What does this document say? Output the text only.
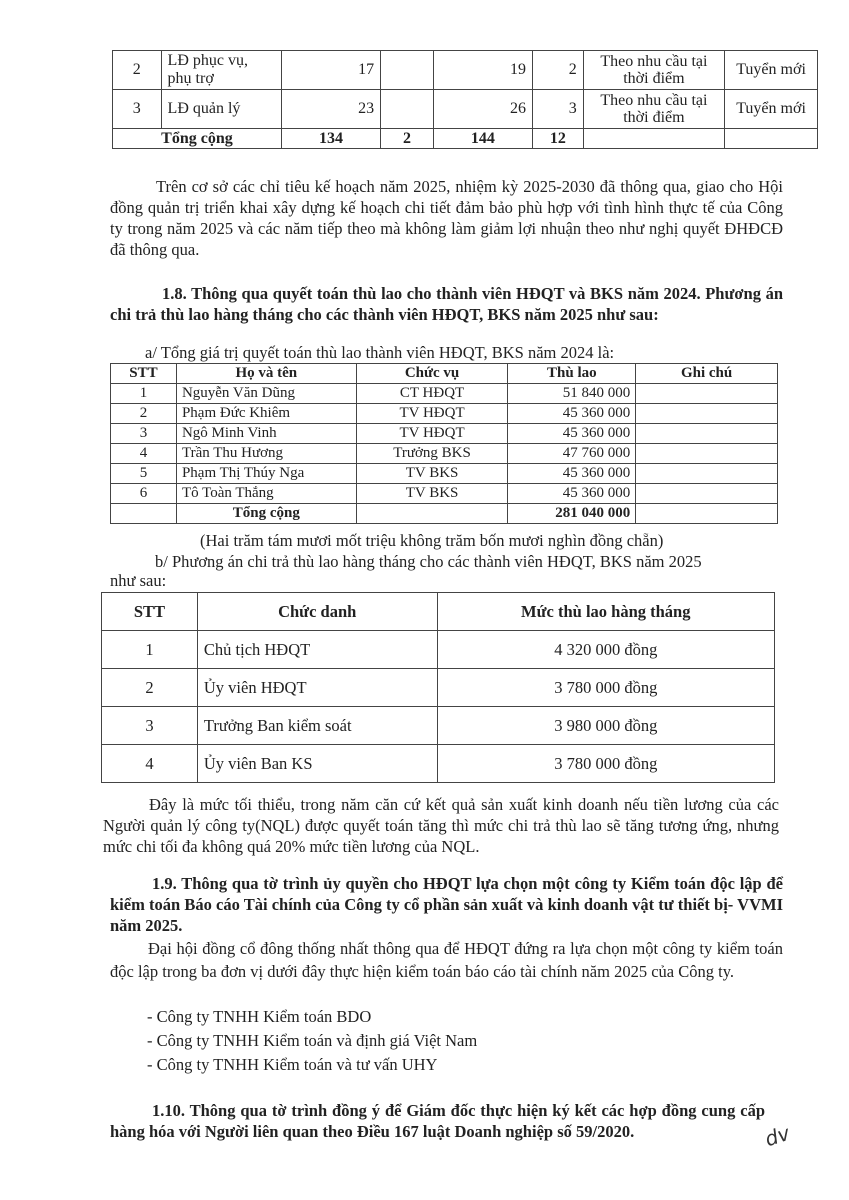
2	LĐ phục vụ, phụ trợ	17		19	2	Theo nhu cầu tại thời điểm	Tuyển mới
3	LĐ quản lý	23		26	3	Theo nhu cầu tại thời điểm	Tuyển mới
Tổng cộng		134	2	144	12		
Trên cơ sở các chỉ tiêu kế hoạch năm 2025, nhiệm kỳ 2025-2030 đã thông qua, giao cho Hội đồng quản trị triển khai xây dựng kế hoạch chi tiết đảm bảo phù hợp với tình hình thực tế của Công ty trong năm 2025 và các năm tiếp theo mà không làm giảm lợi nhuận theo như nghị quyết ĐHĐCĐ đã thông qua.
1.8. Thông qua quyết toán thù lao cho thành viên HĐQT và BKS năm 2024. Phương án chi trả thù lao hàng tháng cho các thành viên HĐQT, BKS năm 2025 như sau:
a/ Tổng giá trị quyết toán thù lao thành viên HĐQT, BKS năm 2024 là:
STT	Họ và tên	Chức vụ	Thù lao	Ghi chú
1	Nguyễn Văn Dũng	CT HĐQT	51 840 000	
2	Phạm Đức Khiêm	TV HĐQT	45 360 000	
3	Ngô Minh Vinh	TV HĐQT	45 360 000	
4	Trần Thu Hương	Trưởng BKS	47 760 000	
5	Phạm Thị Thúy Nga	TV BKS	45 360 000	
6	Tô Toàn Thắng	TV BKS	45 360 000	
	Tổng cộng		281 040 000	
(Hai trăm tám mươi mốt triệu không trăm bốn mươi nghìn đồng chẵn)
b/ Phương án chi trả thù lao hàng tháng cho các thành viên HĐQT, BKS năm 2025
như sau:
STT	Chức danh	Mức thù lao hàng tháng
1	Chủ tịch HĐQT	4 320 000 đồng
2	Ủy viên HĐQT	3 780 000 đồng
3	Trưởng Ban kiểm soát	3 980 000 đồng
4	Ủy viên Ban KS	3 780 000 đồng
Đây là mức tối thiểu, trong năm căn cứ kết quả sản xuất kinh doanh nếu tiền lương của các Người quản lý công ty(NQL) được quyết toán tăng thì mức chi trả thù lao sẽ tăng tương ứng, nhưng mức chi tối đa không quá 20% mức tiền lương của NQL.
1.9. Thông qua tờ trình ủy quyền cho HĐQT lựa chọn một công ty Kiểm toán độc lập để kiểm toán Báo cáo Tài chính của Công ty cổ phần sản xuất và kinh doanh vật tư thiết bị- VVMI năm 2025.
Đại hội đồng cổ đông thống nhất thông qua để HĐQT đứng ra lựa chọn một công ty kiểm toán độc lập trong ba đơn vị dưới đây thực hiện kiểm toán báo cáo tài chính năm 2025 của Công ty.
- Công ty TNHH Kiểm toán BDO
- Công ty TNHH Kiểm toán và định giá Việt Nam
- Công ty TNHH Kiểm toán và tư vấn UHY
1.10. Thông qua tờ trình đồng ý để Giám đốc thực hiện ký kết các hợp đồng cung cấp hàng hóa với Người liên quan theo Điều 167 luật Doanh nghiệp số 59/2020.	dv
